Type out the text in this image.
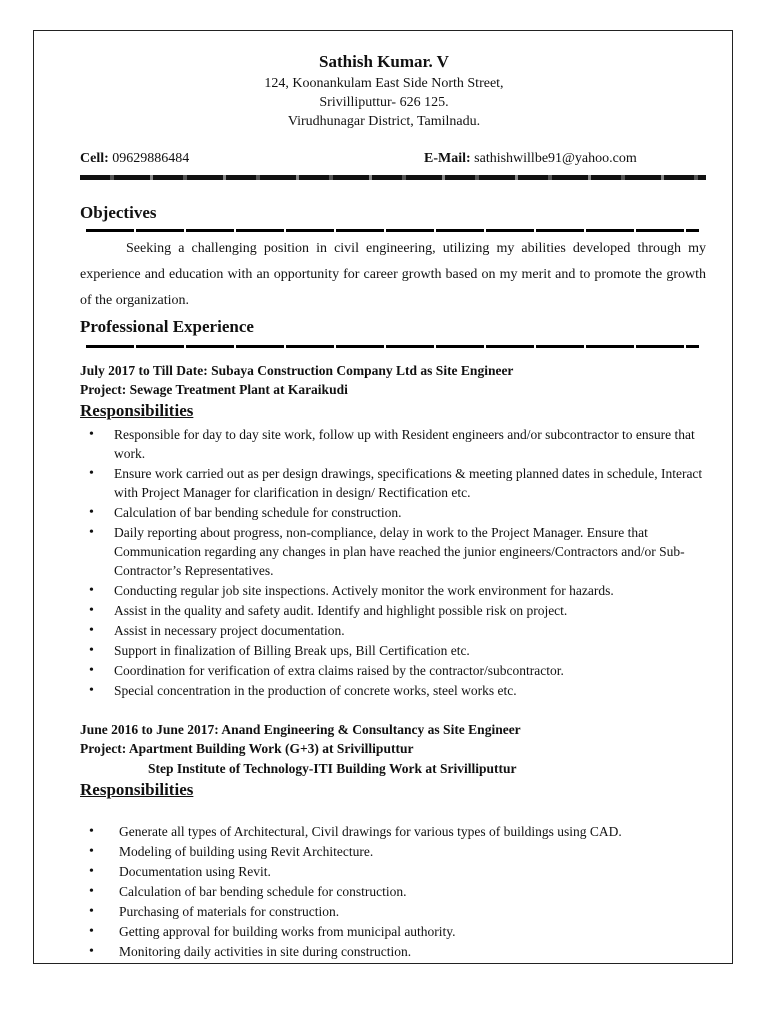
Sathish Kumar. V
124, Koonankulam East Side North Street,
Srivilliputtur- 626 125.
Virudhunagar District, Tamilnadu.
Cell: 09629886484	E-Mail: sathishwillbe91@yahoo.com
Objectives
Seeking a challenging position in civil engineering, utilizing my abilities developed through my experience and education with an opportunity for career growth based on my merit and to promote the growth of the organization.
Professional Experience
July 2017 to Till Date: Subaya Construction Company Ltd as Site Engineer
Project: Sewage Treatment Plant at Karaikudi
Responsibilities
• Responsible for day to day site work, follow up with Resident engineers and/or subcontractor to ensure that work.
• Ensure work carried out as per design drawings, specifications & meeting planned dates in schedule, Interact with Project Manager for clarification in design/ Rectification etc.
• Calculation of bar bending schedule for construction.
• Daily reporting about progress, non-compliance, delay in work to the Project Manager. Ensure that Communication regarding any changes in plan have reached the junior engineers/Contractors and/or Sub-Contractor’s Representatives.
• Conducting regular job site inspections. Actively monitor the work environment for hazards.
• Assist in the quality and safety audit. Identify and highlight possible risk on project.
• Assist in necessary project documentation.
• Support in finalization of Billing Break ups, Bill Certification etc.
• Coordination for verification of extra claims raised by the contractor/subcontractor.
• Special concentration in the production of concrete works, steel works etc.
June 2016 to June 2017: Anand Engineering & Consultancy as Site Engineer
Project: Apartment Building Work (G+3) at Srivilliputtur
Step Institute of Technology-ITI Building Work at Srivilliputtur
Responsibilities
• Generate all types of Architectural, Civil drawings for various types of buildings using CAD.
• Modeling of building using Revit Architecture.
• Documentation using Revit.
• Calculation of bar bending schedule for construction.
• Purchasing of materials for construction.
• Getting approval for building works from municipal authority.
• Monitoring daily activities in site during construction.
